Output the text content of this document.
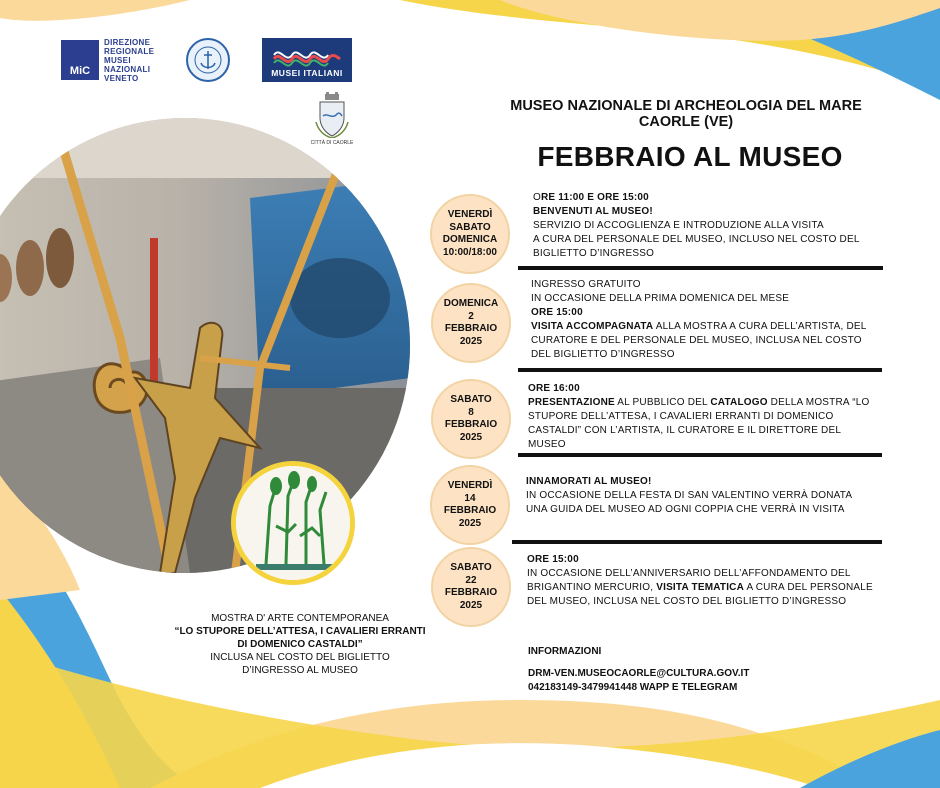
MiC
DIREZIONE
REGIONALE
MUSEI
NAZIONALI
VENETO	MUSEI ITALIANI
CITTÀ DI CAORLE
MUSEO NAZIONALE DI ARCHEOLOGIA DEL MARE
CAORLE (VE)
FEBBRAIO AL MUSEO
MOSTRA D' ARTE CONTEMPORANEA
“LO STUPORE DELL’ATTESA, I CAVALIERI ERRANTI
DI DOMENICO CASTALDI”
INCLUSA NEL COSTO DEL BIGLIETTO
D’INGRESSO AL MUSEO
VENERDÌ
SABATO
DOMENICA
10:00/18:00
ORE 11:00 E ORE 15:00
BENVENUTI AL MUSEO!
SERVIZIO DI ACCOGLIENZA E INTRODUZIONE ALLA VISITA
A CURA DEL PERSONALE DEL MUSEO, INCLUSO NEL COSTO DEL
BIGLIETTO D’INGRESSO
DOMENICA
2
FEBBRAIO
2025
INGRESSO GRATUITO
IN OCCASIONE DELLA PRIMA DOMENICA DEL MESE
ORE 15:00
VISITA ACCOMPAGNATA ALLA MOSTRA A CURA DELL’ARTISTA, DEL
CURATORE E DEL PERSONALE DEL MUSEO, INCLUSA NEL COSTO
DEL BIGLIETTO D’INGRESSO
SABATO
8
FEBBRAIO
2025
ORE 16:00
PRESENTAZIONE AL PUBBLICO DEL CATALOGO DELLA MOSTRA “LO
STUPORE DELL’ATTESA, I CAVALIERI ERRANTI DI DOMENICO
CASTALDI” CON L’ARTISTA, IL CURATORE E IL DIRETTORE DEL
MUSEO
VENERDÌ
14
FEBBRAIO
2025
INNAMORATI AL MUSEO!
IN OCCASIONE DELLA FESTA DI SAN VALENTINO VERRÀ DONATA
UNA GUIDA DEL MUSEO AD OGNI COPPIA CHE VERRÀ IN VISITA
SABATO
22
FEBBRAIO
2025
ORE 15:00
IN OCCASIONE DELL’ANNIVERSARIO DELL’AFFONDAMENTO DEL
BRIGANTINO MERCURIO, VISITA TEMATICA A CURA DEL PERSONALE
DEL MUSEO, INCLUSA NEL COSTO DEL BIGLIETTO D’INGRESSO
INFORMAZIONI
DRM-VEN.MUSEOCAORLE@CULTURA.GOV.IT
042183149-3479941448 WAPP E TELEGRAM
